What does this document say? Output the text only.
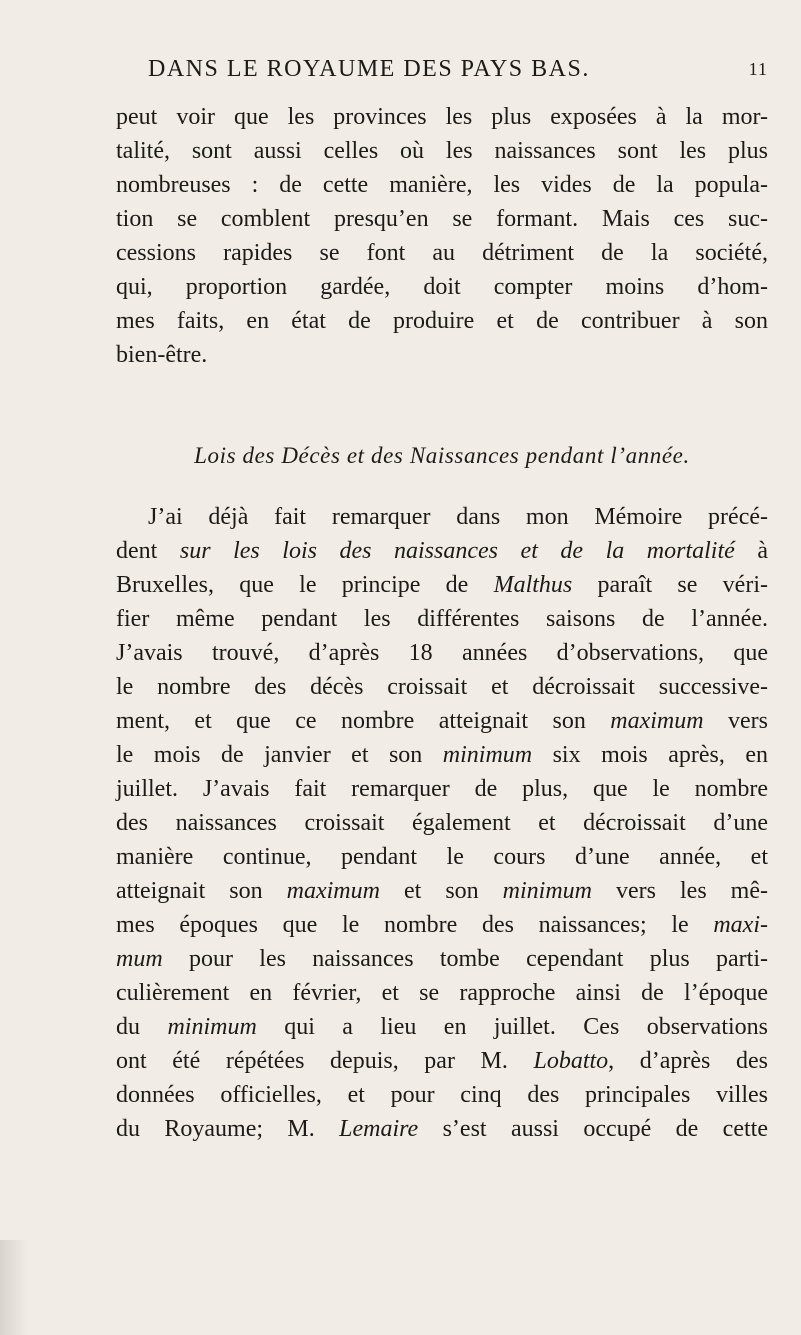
DANS LE ROYAUME DES PAYS BAS.	11
peut voir que les provinces les plus exposées à la mor-
talité, sont aussi celles où les naissances sont les plus
nombreuses : de cette manière, les vides de la popula-
tion se comblent presqu’en se formant. Mais ces suc-
cessions rapides se font au détriment de la société,
qui, proportion gardée, doit compter moins d’hom-
mes faits, en état de produire et de contribuer à son
bien-être.
Lois des Décès et des Naissances pendant l’année.
J’ai déjà fait remarquer dans mon Mémoire précé-
dent sur les lois des naissances et de la mortalité à
Bruxelles, que le principe de Malthus paraît se véri-
fier même pendant les différentes saisons de l’année.
J’avais trouvé, d’après 18 années d’observations, que
le nombre des décès croissait et décroissait successive-
ment, et que ce nombre atteignait son maximum vers
le mois de janvier et son minimum six mois après, en
juillet. J’avais fait remarquer de plus, que le nombre
des naissances croissait également et décroissait d’une
manière continue, pendant le cours d’une année, et
atteignait son maximum et son minimum vers les mê-
mes époques que le nombre des naissances; le maxi-
mum pour les naissances tombe cependant plus parti-
culièrement en février, et se rapproche ainsi de l’époque
du minimum qui a lieu en juillet. Ces observations
ont été répétées depuis, par M. Lobatto, d’après des
données officielles, et pour cinq des principales villes
du Royaume; M. Lemaire s’est aussi occupé de cette
